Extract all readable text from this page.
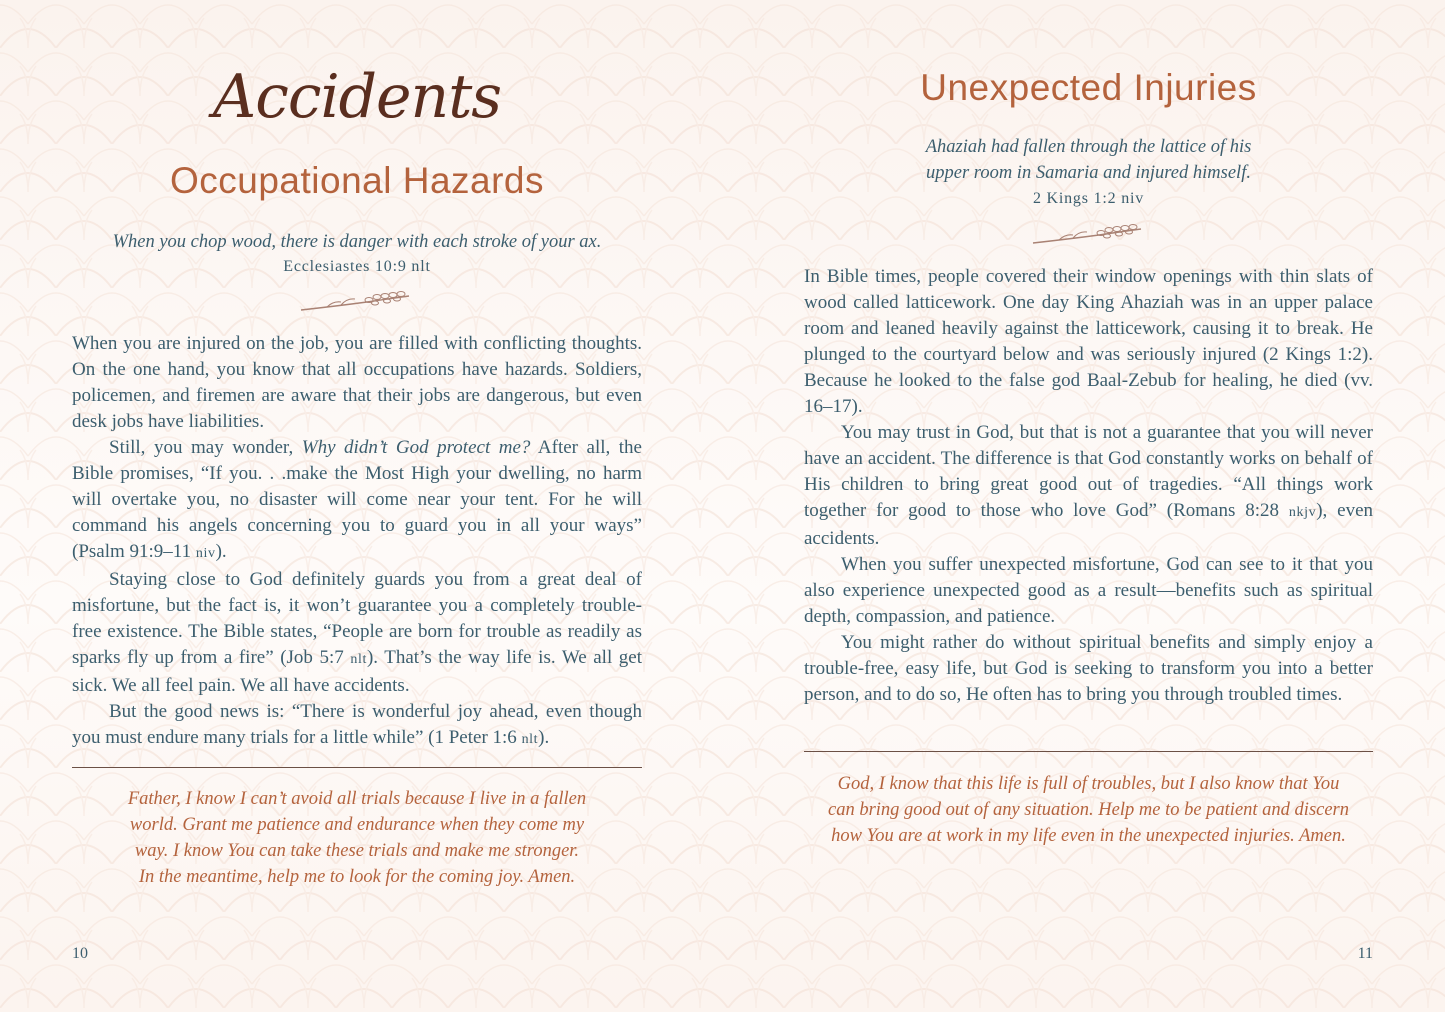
Accidents
Occupational Hazards
When you chop wood, there is danger with each stroke of your ax.
Ecclesiastes 10:9 nlt

When you are injured on the job, you are filled with conflicting thoughts. On the one hand, you know that all occupations have hazards. Soldiers, policemen, and firemen are aware that their jobs are dangerous, but even desk jobs have liabilities.

Still, you may wonder, Why didn’t God protect me? After all, the Bible promises, “If you. . .make the Most High your dwelling, no harm will overtake you, no disaster will come near your tent. For he will command his angels concerning you to guard you in all your ways” (Psalm 91:9–11 niv).

Staying close to God definitely guards you from a great deal of misfortune, but the fact is, it won’t guarantee you a completely trouble-free existence. The Bible states, “People are born for trouble as readily as sparks fly up from a fire” (Job 5:7 nlt). That’s the way life is. We all get sick. We all feel pain. We all have accidents.

But the good news is: “There is wonderful joy ahead, even though you must endure many trials for a little while” (1 Peter 1:6 nlt).

Father, I know I can’t avoid all trials because I live in a fallen
world. Grant me patience and endurance when they come my
way. I know You can take these trials and make me stronger.
In the meantime, help me to look for the coming joy. Amen.
10
Unexpected Injuries
Ahaziah had fallen through the lattice of his
upper room in Samaria and injured himself.
2 Kings 1:2 niv

In Bible times, people covered their window openings with thin slats of wood called latticework. One day King Ahaziah was in an upper palace room and leaned heavily against the latticework, causing it to break. He plunged to the courtyard below and was seriously injured (2 Kings 1:2). Because he looked to the false god Baal-Zebub for healing, he died (vv. 16–17).

You may trust in God, but that is not a guarantee that you will never have an accident. The difference is that God constantly works on behalf of His children to bring great good out of tragedies. “All things work together for good to those who love God” (Romans 8:28 nkjv), even accidents.

When you suffer unexpected misfortune, God can see to it that you also experience unexpected good as a result—benefits such as spiritual depth, compassion, and patience.

You might rather do without spiritual benefits and simply enjoy a trouble-free, easy life, but God is seeking to transform you into a better person, and to do so, He often has to bring you through troubled times.

God, I know that this life is full of troubles, but I also know that You
can bring good out of any situation. Help me to be patient and discern
how You are at work in my life even in the unexpected injuries. Amen.
11
